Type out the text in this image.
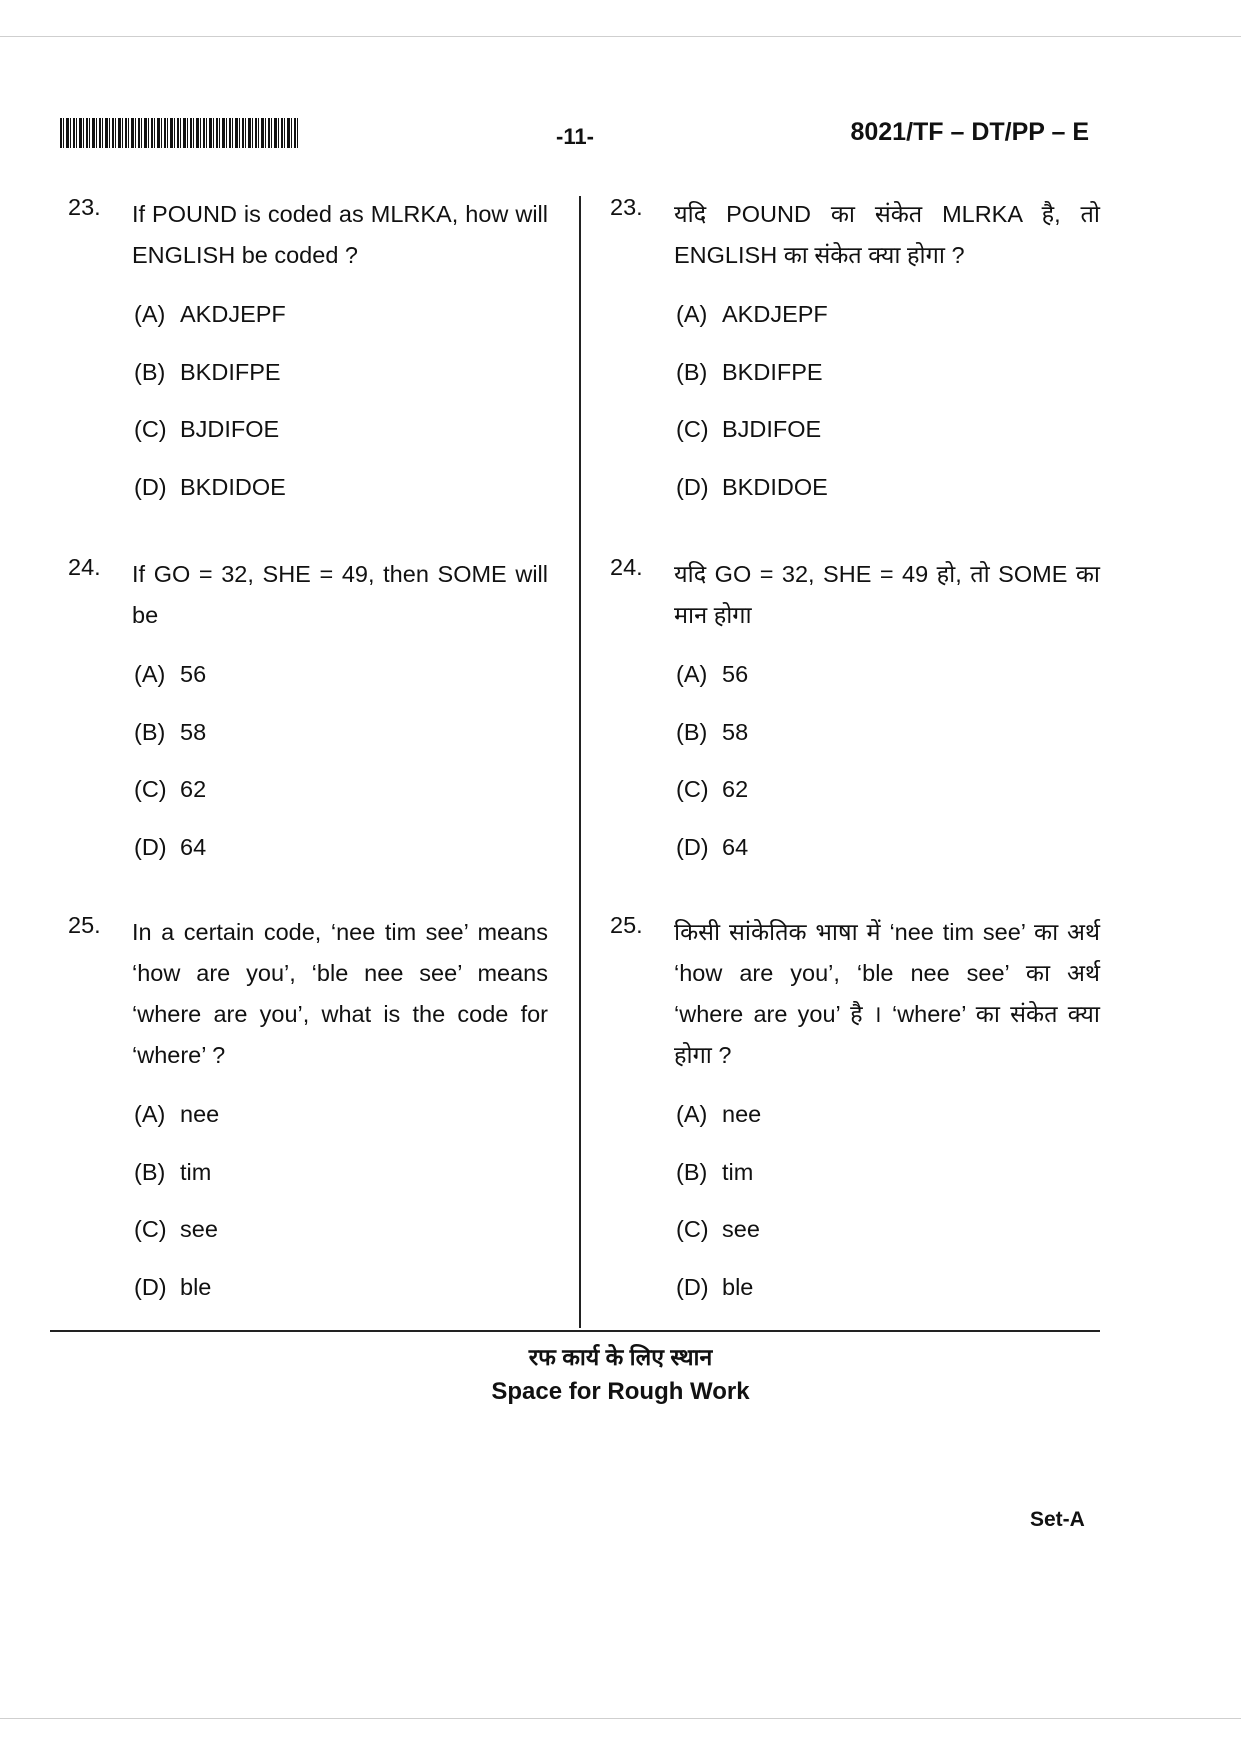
-11-	8021/TF – DT/PP – E
23.	If POUND is coded as MLRKA, how will ENGLISH be coded ?
(A) AKDJEPF
(B) BKDIFPE
(C) BJDIFOE
(D) BKDIDOE
24.	If GO = 32, SHE = 49, then SOME will be
(A) 56
(B) 58
(C) 62
(D) 64
25.	In a certain code, ‘nee tim see’ means ‘how are you’, ‘ble nee see’ means ‘where are you’, what is the code for ‘where’ ?
(A) nee
(B) tim
(C) see
(D) ble
23.	यदि POUND का संकेत MLRKA है, तो ENGLISH का संकेत क्या होगा ?
(A) AKDJEPF
(B) BKDIFPE
(C) BJDIFOE
(D) BKDIDOE
24.	यदि GO = 32, SHE = 49 हो, तो SOME का मान होगा
(A) 56
(B) 58
(C) 62
(D) 64
25.	किसी सांकेतिक भाषा में ‘nee tim see’ का अर्थ ‘how are you’, ‘ble nee see’ का अर्थ ‘where are you’ है । ‘where’ का संकेत क्या होगा ?
(A) nee
(B) tim
(C) see
(D) ble
रफ कार्य के लिए स्थान
Space for Rough Work
Set-A
